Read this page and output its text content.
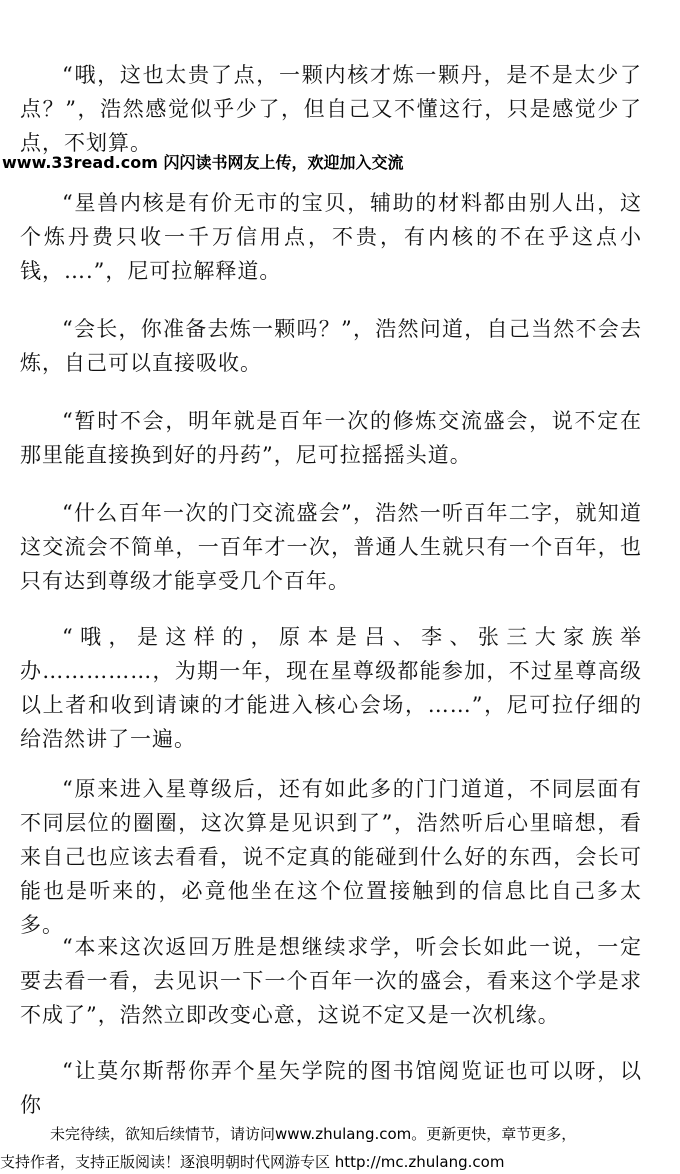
“哦，这也太贵了点，一颗内核才炼一颗丹，是不是太少了点？”，浩然感觉似乎少了，但自己又不懂这行，只是感觉少了点，不划算。

www.33read.com 闪闪读书网友上传，欢迎加入交流

“星兽内核是有价无市的宝贝，辅助的材料都由别人出，这个炼丹费只收一千万信用点，不贵，有内核的不在乎这点小钱，….”，尼可拉解释道。

“会长，你准备去炼一颗吗？”，浩然问道，自己当然不会去炼，自己可以直接吸收。

“暂时不会，明年就是百年一次的修炼交流盛会，说不定在那里能直接换到好的丹药”，尼可拉摇摇头道。

“什么百年一次的门交流盛会”，浩然一听百年二字，就知道这交流会不简单，一百年才一次，普通人生就只有一个百年，也只有达到尊级才能享受几个百年。

“哦，是这样的，原本是吕、李、张三大家族举办……………，为期一年，现在星尊级都能参加，不过星尊高级以上者和收到请谏的才能进入核心会场，……”，尼可拉仔细的给浩然讲了一遍。

“原来进入星尊级后，还有如此多的门门道道，不同层面有不同层位的圈圈，这次算是见识到了”，浩然听后心里暗想，看来自己也应该去看看，说不定真的能碰到什么好的东西，会长可能也是听来的，必竟他坐在这个位置接触到的信息比自己多太多。

“本来这次返回万胜是想继续求学，听会长如此一说，一定要去看一看，去见识一下一个百年一次的盛会，看来这个学是求不成了”，浩然立即改变心意，这说不定又是一次机缘。

“让莫尔斯帮你弄个星矢学院的图书馆阅览证也可以呀，以你

未完待续，欲知后续情节，请访问www.zhulang.com。更新更快，章节更多，
支持作者，支持正版阅读！逐浪明朝时代网游专区 http://mc.zhulang.com
